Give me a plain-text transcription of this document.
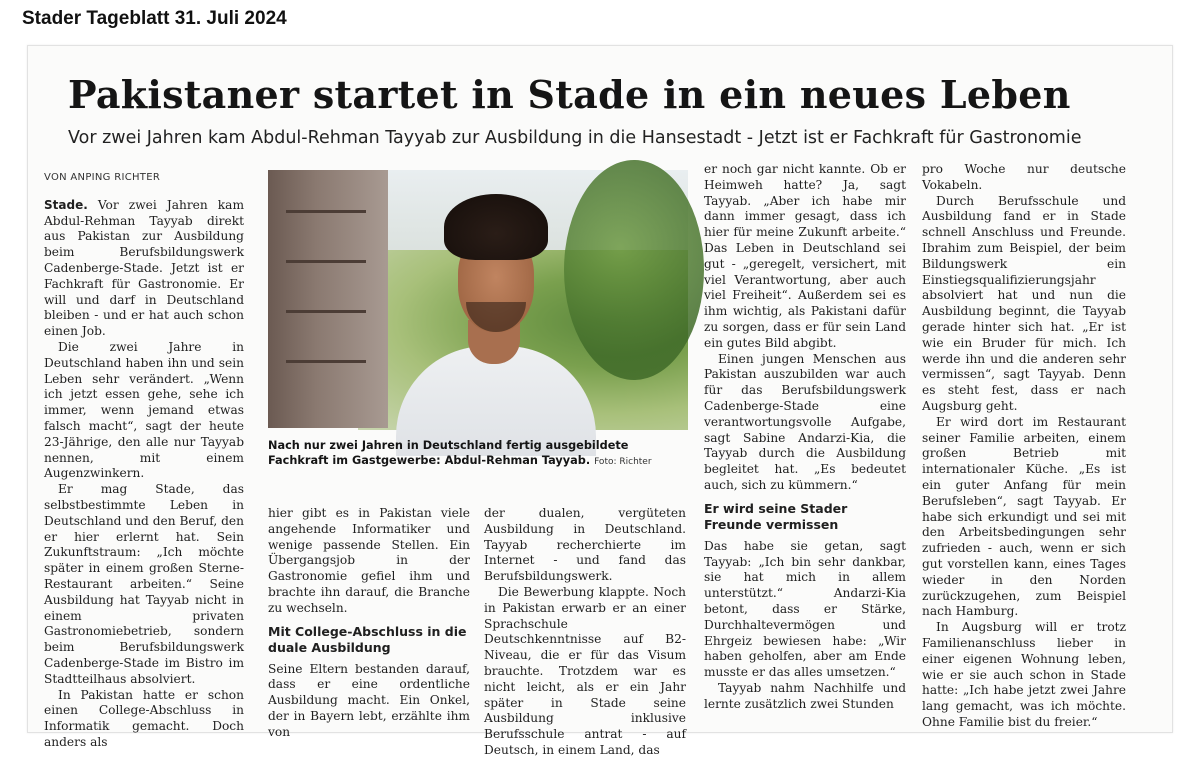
Stader Tageblatt 31. Juli 2024
Pakistaner startet in Stade in ein neues Leben
Vor zwei Jahren kam Abdul-Rehman Tayyab zur Ausbildung in die Hansestadt - Jetzt ist er Fachkraft für Gastronomie
VON ANPING RICHTER

Stade. Vor zwei Jahren kam Abdul-Rehman Tayyab direkt aus Pakistan zur Ausbildung beim Berufsbildungswerk Cadenberge-Stade. Jetzt ist er Fachkraft für Gastronomie. Er will und darf in Deutschland bleiben - und er hat auch schon einen Job.

Die zwei Jahre in Deutschland haben ihn und sein Leben sehr verändert. „Wenn ich jetzt essen gehe, sehe ich immer, wenn jemand etwas falsch macht“, sagt der heute 23-Jährige, den alle nur Tayyab nennen, mit einem Augenzwinkern.

Er mag Stade, das selbstbestimmte Leben in Deutschland und den Beruf, den er hier erlernt hat. Sein Zukunftstraum: „Ich möchte später in einem großen Sterne-Restaurant arbeiten.“ Seine Ausbildung hat Tayyab nicht in einem privaten Gastronomiebetrieb, sondern beim Berufsbildungswerk Cadenberge-Stade im Bistro im Stadtteilhaus absolviert.

In Pakistan hatte er schon einen College-Abschluss in Informatik gemacht. Doch anders als

Nach nur zwei Jahren in Deutschland fertig ausgebildete Fachkraft im Gastgewerbe: Abdul-Rehman Tayyab. Foto: Richter

hier gibt es in Pakistan viele angehende Informatiker und wenige passende Stellen. Ein Übergangsjob in der Gastronomie gefiel ihm und brachte ihn darauf, die Branche zu wechseln.

Mit College-Abschluss in die duale Ausbildung

Seine Eltern bestanden darauf, dass er eine ordentliche Ausbildung macht. Ein Onkel, der in Bayern lebt, erzählte ihm von

der dualen, vergüteten Ausbildung in Deutschland. Tayyab recherchierte im Internet - und fand das Berufsbildungswerk.

Die Bewerbung klappte. Noch in Pakistan erwarb er an einer Sprachschule Deutschkenntnisse auf B2-Niveau, die er für das Visum brauchte. Trotzdem war es nicht leicht, als er ein Jahr später in Stade seine Ausbildung inklusive Berufsschule antrat - auf Deutsch, in einem Land, das

er noch gar nicht kannte. Ob er Heimweh hatte? Ja, sagt Tayyab. „Aber ich habe mir dann immer gesagt, dass ich hier für meine Zukunft arbeite.“ Das Leben in Deutschland sei gut - „geregelt, versichert, mit viel Verantwortung, aber auch viel Freiheit“. Außerdem sei es ihm wichtig, als Pakistani dafür zu sorgen, dass er für sein Land ein gutes Bild abgibt.

Einen jungen Menschen aus Pakistan auszubilden war auch für das Berufsbildungswerk Cadenberge-Stade eine verantwortungsvolle Aufgabe, sagt Sabine Andarzi-Kia, die Tayyab durch die Ausbildung begleitet hat. „Es bedeutet auch, sich zu kümmern.“

Er wird seine Stader Freunde vermissen

Das habe sie getan, sagt Tayyab: „Ich bin sehr dankbar, sie hat mich in allem unterstützt.“ Andarzi-Kia betont, dass er Stärke, Durchhaltevermögen und Ehrgeiz bewiesen habe: „Wir haben geholfen, aber am Ende musste er das alles umsetzen.“

Tayyab nahm Nachhilfe und lernte zusätzlich zwei Stunden

pro Woche nur deutsche Vokabeln.

Durch Berufsschule und Ausbildung fand er in Stade schnell Anschluss und Freunde. Ibrahim zum Beispiel, der beim Bildungswerk ein Einstiegsqualifizierungsjahr absolviert hat und nun die Ausbildung beginnt, die Tayyab gerade hinter sich hat. „Er ist wie ein Bruder für mich. Ich werde ihn und die anderen sehr vermissen“, sagt Tayyab. Denn es steht fest, dass er nach Augsburg geht.

Er wird dort im Restaurant seiner Familie arbeiten, einem großen Betrieb mit internationaler Küche. „Es ist ein guter Anfang für mein Berufsleben“, sagt Tayyab. Er habe sich erkundigt und sei mit den Arbeitsbedingungen sehr zufrieden - auch, wenn er sich gut vorstellen kann, eines Tages wieder in den Norden zurückzugehen, zum Beispiel nach Hamburg.

In Augsburg will er trotz Familienanschluss lieber in einer eigenen Wohnung leben, wie er sie auch schon in Stade hatte: „Ich habe jetzt zwei Jahre lang gemacht, was ich möchte. Ohne Familie bist du freier.“
